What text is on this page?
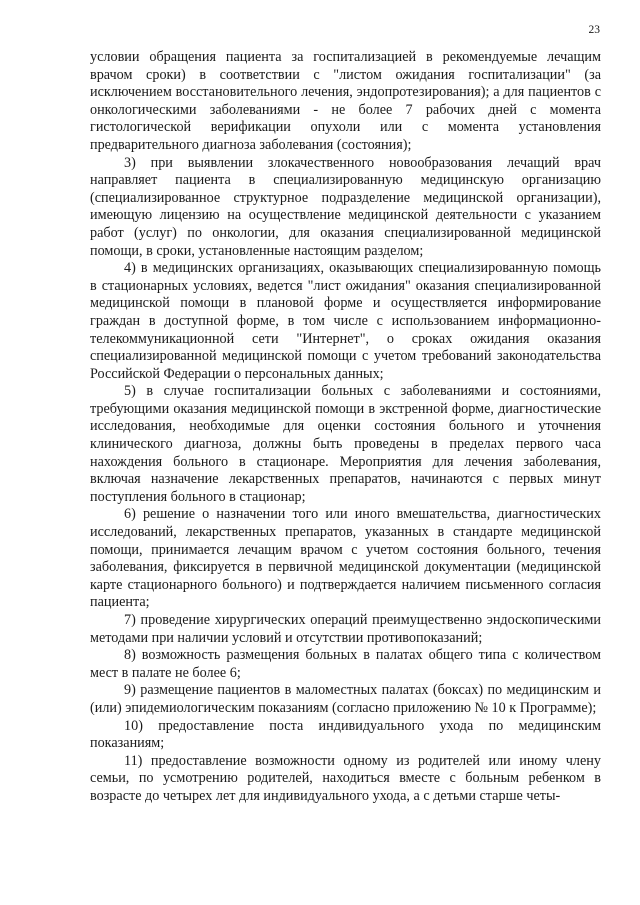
23

условии обращения пациента за госпитализацией в рекомендуемые лечащим врачом сроки) в соответствии с "листом ожидания госпитализации" (за исключением восстановительного лечения, эндопротезирования); а для пациентов с онкологическими заболеваниями - не более 7 рабочих дней с момента гистологической верификации опухоли или с момента установления предварительного диагноза заболевания (состояния);

3) при выявлении злокачественного новообразования лечащий врач направляет пациента в специализированную медицинскую организацию (специализированное структурное подразделение медицинской организации), имеющую лицензию на осуществление медицинской деятельности с указанием работ (услуг) по онкологии, для оказания специализированной медицинской помощи, в сроки, установленные настоящим разделом;

4) в медицинских организациях, оказывающих специализированную помощь в стационарных условиях, ведется "лист ожидания" оказания специализированной медицинской помощи в плановой форме и осуществляется информирование граждан в доступной форме, в том числе с использованием информационно-телекоммуникационной сети "Интернет", о сроках ожидания оказания специализированной медицинской помощи с учетом требований законодательства Российской Федерации о персональных данных;

5) в случае госпитализации больных с заболеваниями и состояниями, требующими оказания медицинской помощи в экстренной форме, диагностические исследования, необходимые для оценки состояния больного и уточнения клинического диагноза, должны быть проведены в пределах первого часа нахождения больного в стационаре. Мероприятия для лечения заболевания, включая назначение лекарственных препаратов, начинаются с первых минут поступления больного в стационар;

6) решение о назначении того или иного вмешательства, диагностических исследований, лекарственных препаратов, указанных в стандарте медицинской помощи, принимается лечащим врачом с учетом состояния больного, течения заболевания, фиксируется в первичной медицинской документации (медицинской карте стационарного больного) и подтверждается наличием письменного согласия пациента;

7) проведение хирургических операций преимущественно эндоскопическими методами при наличии условий и отсутствии противопоказаний;

8) возможность размещения больных в палатах общего типа с количеством мест в палате не более 6;

9) размещение пациентов в маломестных палатах (боксах) по медицинским и (или) эпидемиологическим показаниям (согласно приложению № 10 к Программе);

10) предоставление поста индивидуального ухода по медицинским показаниям;

11) предоставление возможности одному из родителей или иному члену семьи, по усмотрению родителей, находиться вместе с больным ребенком в возрасте до четырех лет для индивидуального ухода, а с детьми старше четы-
